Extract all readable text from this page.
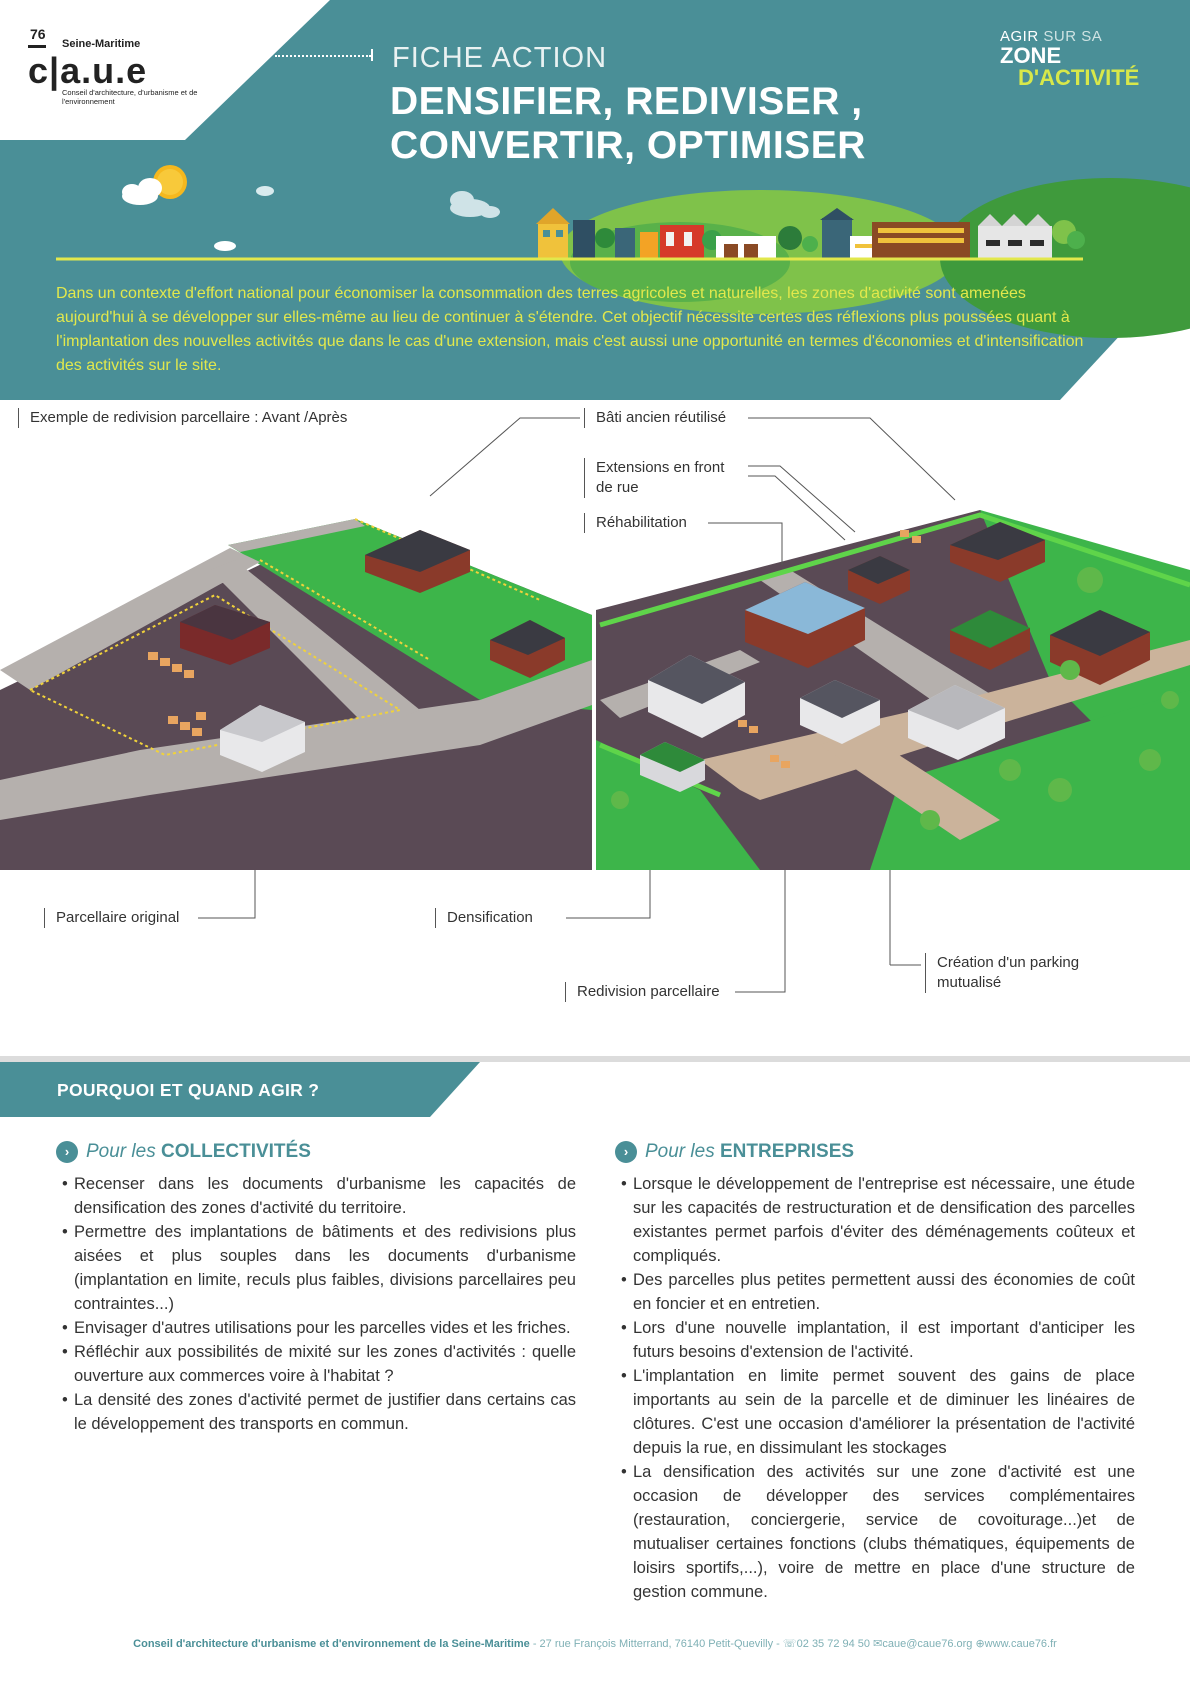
76
Seine-Maritime
c|a.u.e
Conseil d'architecture, d'urbanisme et de l'environnement
FICHE ACTION
DENSIFIER, REDIVISER ,
CONVERTIR, OPTIMISER
AGIR SUR SA
ZONE
D'ACTIVITÉ

Dans un contexte d'effort national pour économiser la consommation des terres agricoles et naturelles, les zones d'activité sont amenées aujourd'hui à se développer sur elles-même au lieu de continuer à s'étendre. Cet objectif nécessite certes des réflexions plus poussées quant à l'implantation des nouvelles activités que dans le cas d'une extension, mais c'est aussi une opportunité en termes d'économies et d'intensification des activités sur le site.

Exemple de redivision parcellaire : Avant /Après	Bâti ancien réutilisé
Extensions en front de rue
Réhabilitation
Parcellaire original	Densification
Création d'un parking mutualisé
Redivision parcellaire
POURQUOI ET QUAND AGIR ?
› Pour les COLLECTIVITÉS
• Recenser dans les documents d'urbanisme les capacités de densification des zones d'activité du territoire.
• Permettre des implantations de bâtiments et des redivisions plus aisées et plus souples dans les documents d'urbanisme (implantation en limite, reculs plus faibles, divisions parcellaires peu contraintes...)
• Envisager d'autres utilisations pour les parcelles vides et les friches.
• Réfléchir aux possibilités de mixité sur les zones d'activités : quelle ouverture aux commerces voire à l'habitat ?
• La densité des zones d'activité permet de justifier dans certains cas le développement des transports en commun.
› Pour les ENTREPRISES
• Lorsque le développement de l'entreprise est nécessaire, une étude sur les capacités de restructuration et de densification des parcelles existantes permet parfois d'éviter des déménagements coûteux et compliqués.
• Des parcelles plus petites permettent aussi des économies de coût en foncier et en entretien.
• Lors d'une nouvelle implantation, il est important d'anticiper les futurs besoins d'extension de l'activité.
• L'implantation en limite permet souvent des gains de place importants au sein de la parcelle et de diminuer les linéaires de clôtures. C'est une occasion d'améliorer la présentation de l'activité depuis la rue, en dissimulant les stockages
• La densification des activités sur une zone d'activité est une occasion de développer des services complémentaires (restauration, conciergerie, service de covoiturage...)et de mutualiser certaines fonctions (clubs thématiques, équipements de loisirs sportifs,...), voire de mettre en place d'une structure de gestion commune.
Conseil d'architecture d'urbanisme et d'environnement de la Seine-Maritime - 27 rue François Mitterrand, 76140 Petit-Quevilly - ☏02 35 72 94 50 ✉caue@caue76.org ⊕www.caue76.fr
